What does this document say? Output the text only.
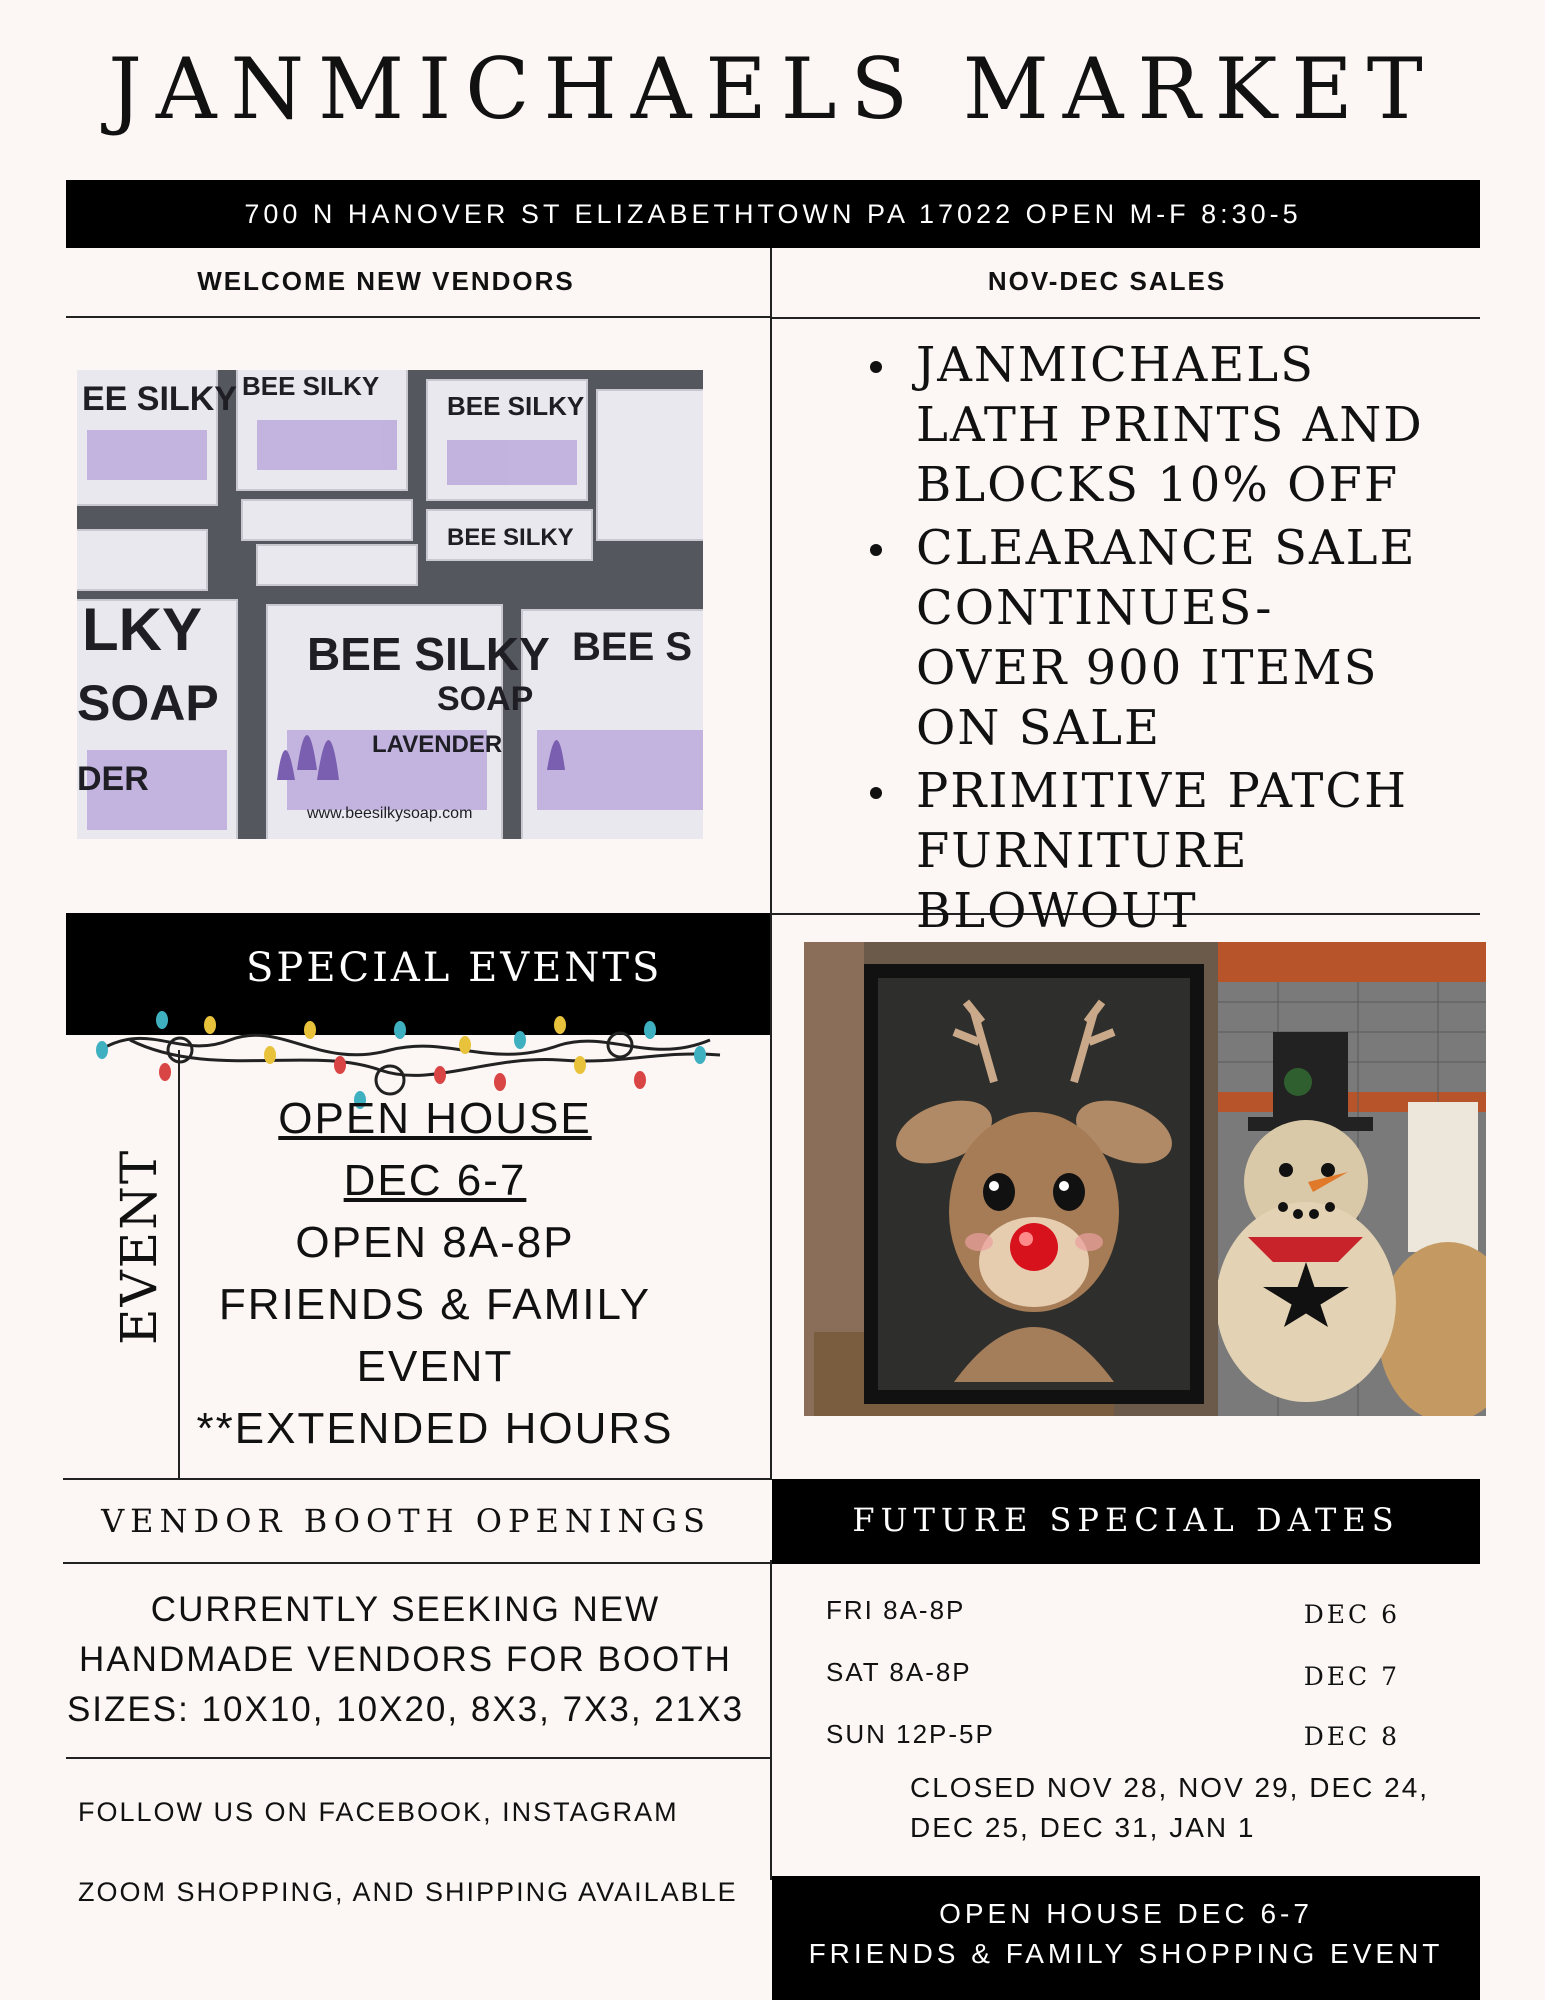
JANMICHAELS MARKET
700 N HANOVER ST ELIZABETHTOWN PA 17022 OPEN M-F 8:30-5
WELCOME NEW VENDORS	NOV-DEC SALES
BEE SILKY
SOAP
LAVENDER
www.beesilkysoap.com
LKY
SOAP
DER
BEE S
EE SILKY BEE SILKY
BEE SILKY
BEE SILKY
JANMICHAELS LATH PRINTS AND BLOCKS 10% OFF
CLEARANCE SALE CONTINUES- OVER 900 ITEMS ON SALE
PRIMITIVE PATCH FURNITURE BLOWOUT
SPECIAL EVENTS
EVENT
OPEN HOUSE
DEC 6-7
OPEN 8A-8P
FRIENDS & FAMILY
EVENT
**EXTENDED HOURS
VENDOR BOOTH OPENINGS
CURRENTLY SEEKING NEW
HANDMADE VENDORS FOR BOOTH
SIZES: 10X10, 10X20, 8X3, 7X3, 21X3
FOLLOW US ON FACEBOOK, INSTAGRAM
ZOOM SHOPPING, AND SHIPPING AVAILABLE
FUTURE SPECIAL DATES
FRI 8A-8P	DEC 6
SAT 8A-8P	DEC 7
SUN 12P-5P	DEC 8
CLOSED NOV 28, NOV 29, DEC 24,
DEC 25, DEC 31, JAN 1
OPEN HOUSE DEC 6-7
FRIENDS & FAMILY SHOPPING EVENT
